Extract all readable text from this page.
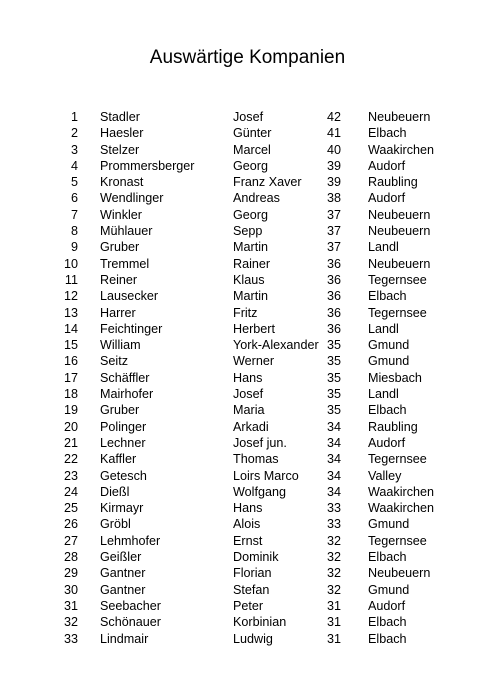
Auswärtige Kompanien
1 Stadler	Josef	42 Neubeuern
2 Haesler	Günter	41 Elbach
3 Stelzer	Marcel	40 Waakirchen
4 Prommersberger	Georg	39 Audorf
5 Kronast	Franz Xaver 39 Raubling
6 Wendlinger	Andreas	38 Audorf
7 Winkler	Georg	37 Neubeuern
8 Mühlauer	Sepp	37 Neubeuern
9 Gruber	Martin	37 Landl
10 Tremmel	Rainer	36 Neubeuern
11 Reiner	Klaus	36 Tegernsee
12 Lausecker	Martin	36 Elbach
13 Harrer	Fritz	36 Tegernsee
14 Feichtinger	Herbert	36 Landl
15 William	York-Alexander 35 Gmund
16 Seitz	Werner	35 Gmund
17 Schäffler	Hans	35 Miesbach
18 Mairhofer	Josef	35 Landl
19 Gruber	Maria	35 Elbach
20 Polinger	Arkadi	34 Raubling
21 Lechner	Josef jun.	34 Audorf
22 Kaffler	Thomas	34 Tegernsee
23 Getesch	Loirs Marco 34 Valley
24 Dießl	Wolfgang	34 Waakirchen
25 Kirmayr	Hans	33 Waakirchen
26 Gröbl	Alois	33 Gmund
27 Lehmhofer	Ernst	32 Tegernsee
28 Geißler	Dominik	32 Elbach
29 Gantner	Florian	32 Neubeuern
30 Gantner	Stefan	32 Gmund
31 Seebacher	Peter	31 Audorf
32 Schönauer	Korbinian	31 Elbach
33 Lindmair	Ludwig	31 Elbach
